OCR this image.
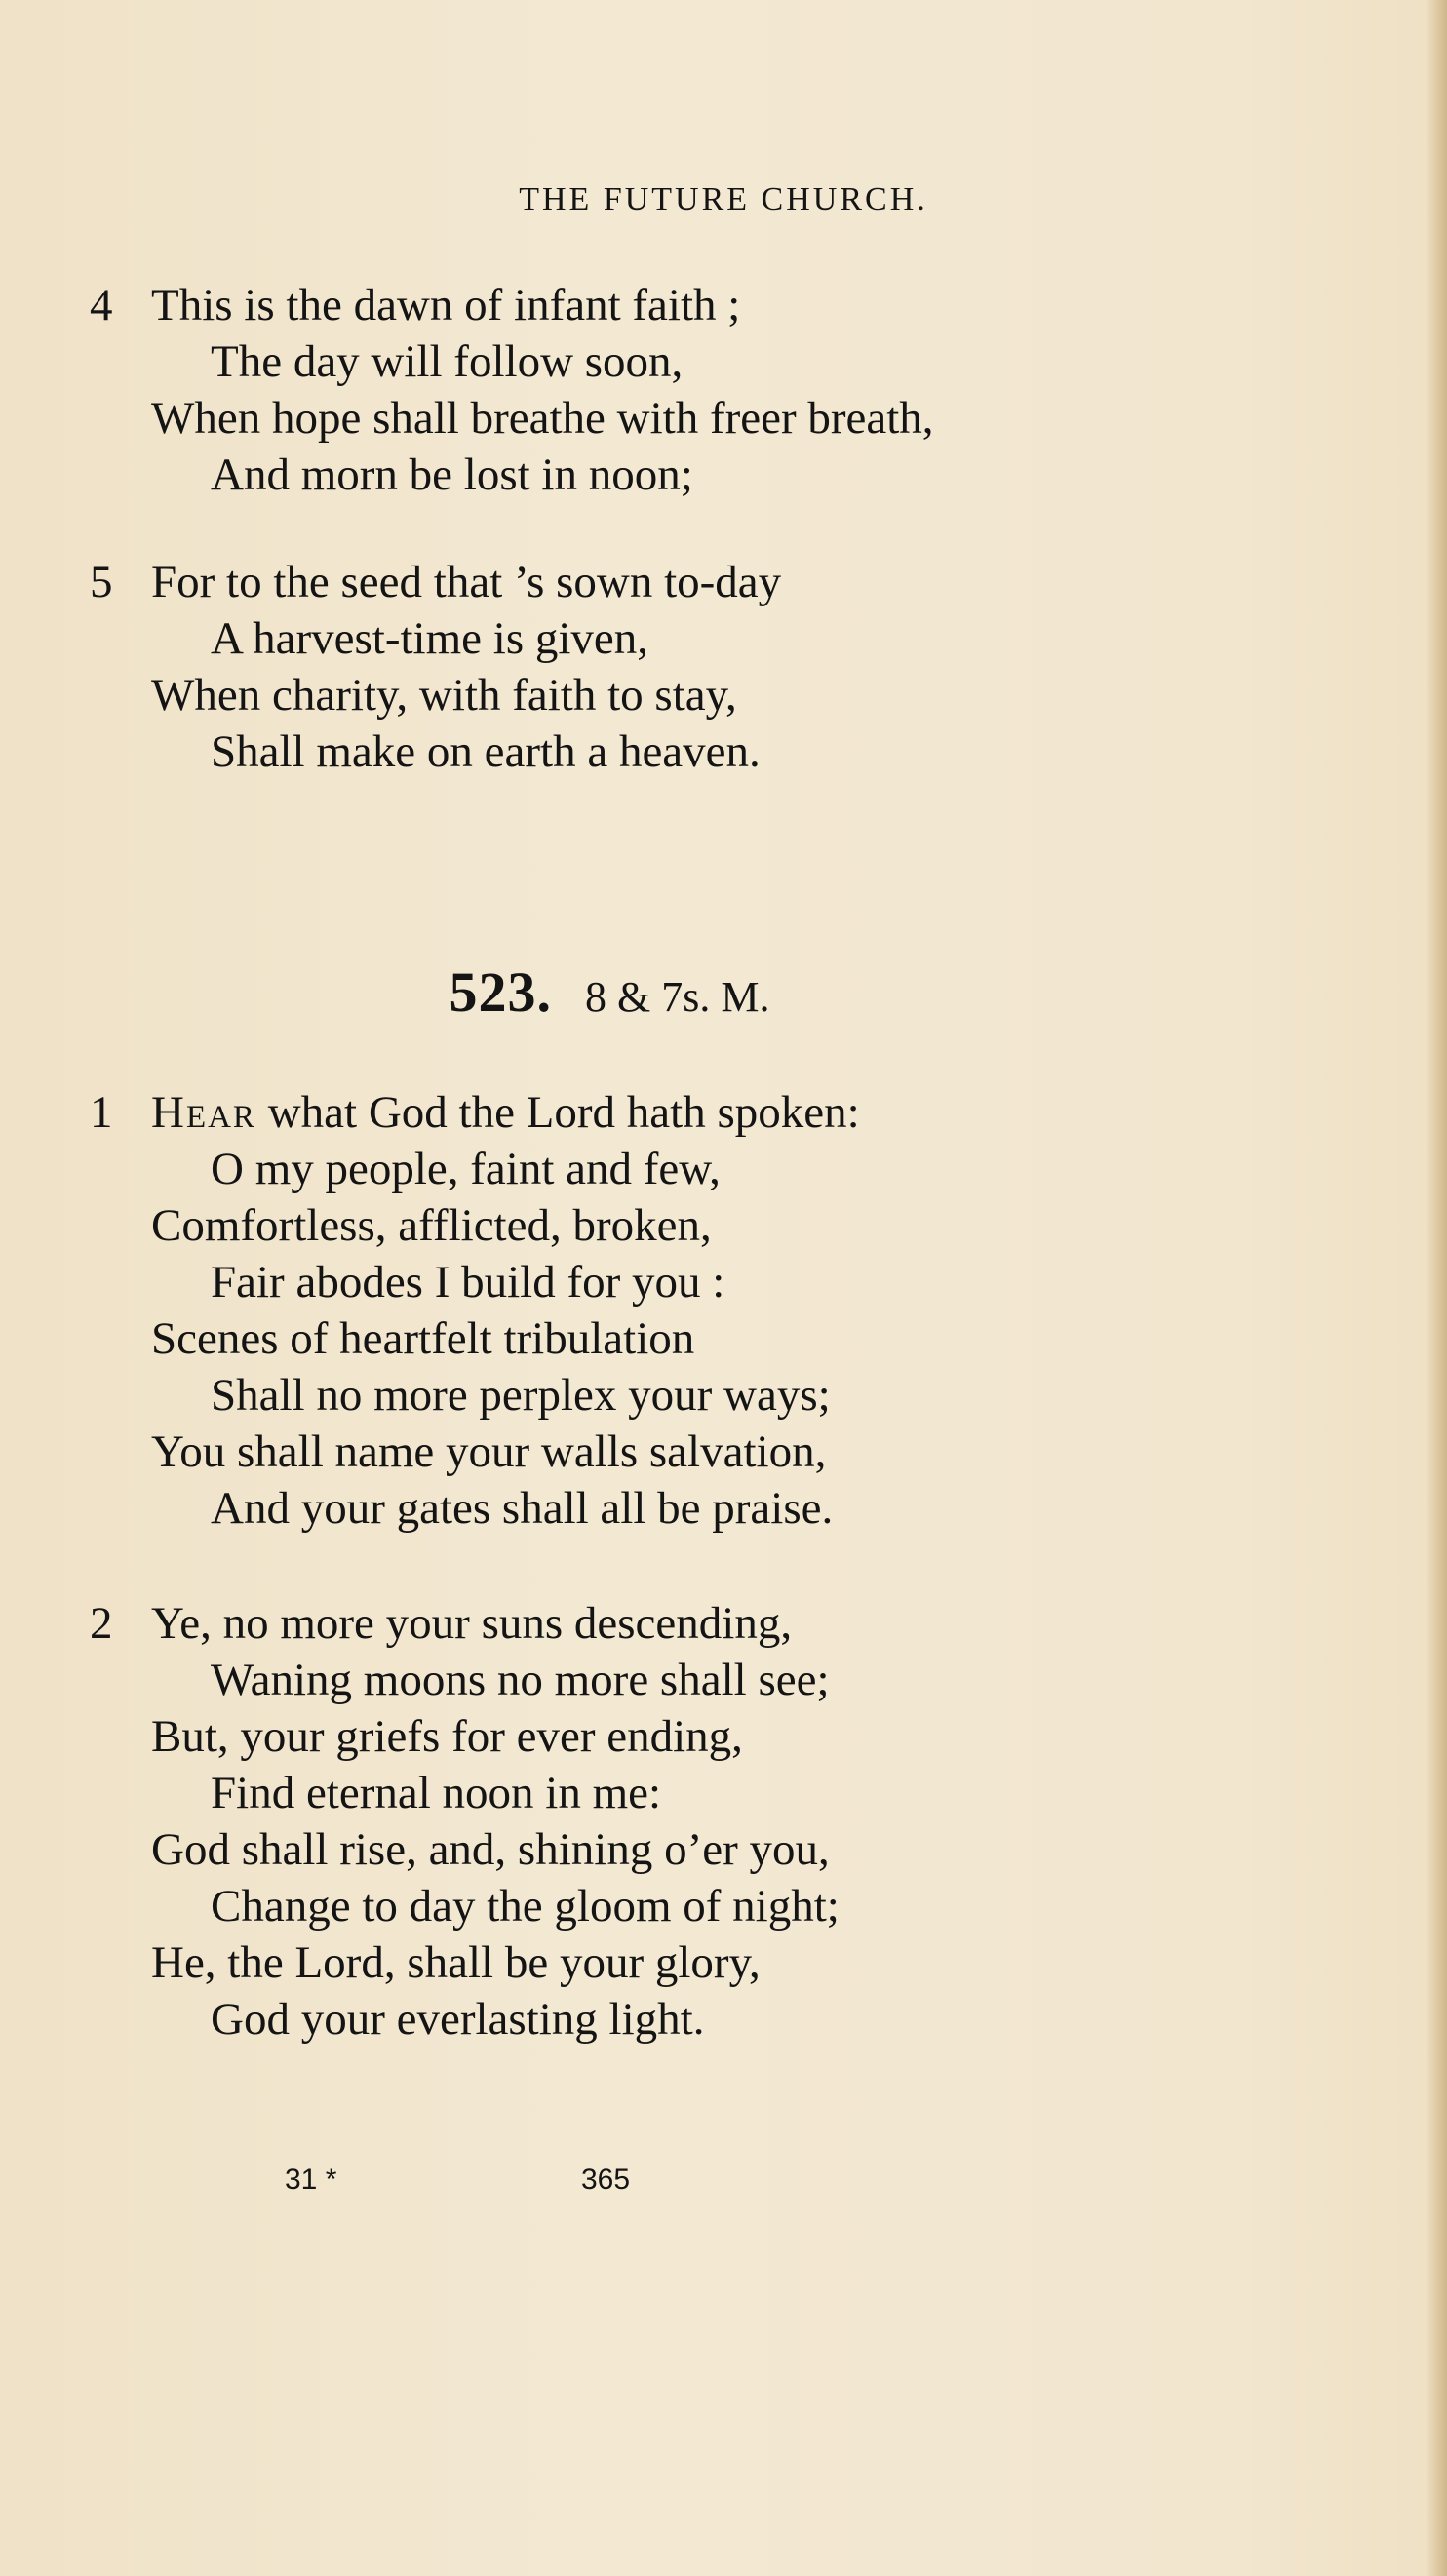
THE FUTURE CHURCH.
4 This is the dawn of infant faith ;
The day will follow soon,
When hope shall breathe with freer breath,
And morn be lost in noon;
5 For to the seed that ’s sown to-day
A harvest-time is given,
When charity, with faith to stay,
Shall make on earth a heaven.
523. 8 & 7s. M.
1 Hear what God the Lord hath spoken:
O my people, faint and few,
Comfortless, afflicted, broken,
Fair abodes I build for you :
Scenes of heartfelt tribulation
Shall no more perplex your ways;
You shall name your walls salvation,
And your gates shall all be praise.
2 Ye, no more your suns descending,
Waning moons no more shall see;
But, your griefs for ever ending,
Find eternal noon in me:
God shall rise, and, shining o’er you,
Change to day the gloom of night;
He, the Lord, shall be your glory,
God your everlasting light.
31 *	365
